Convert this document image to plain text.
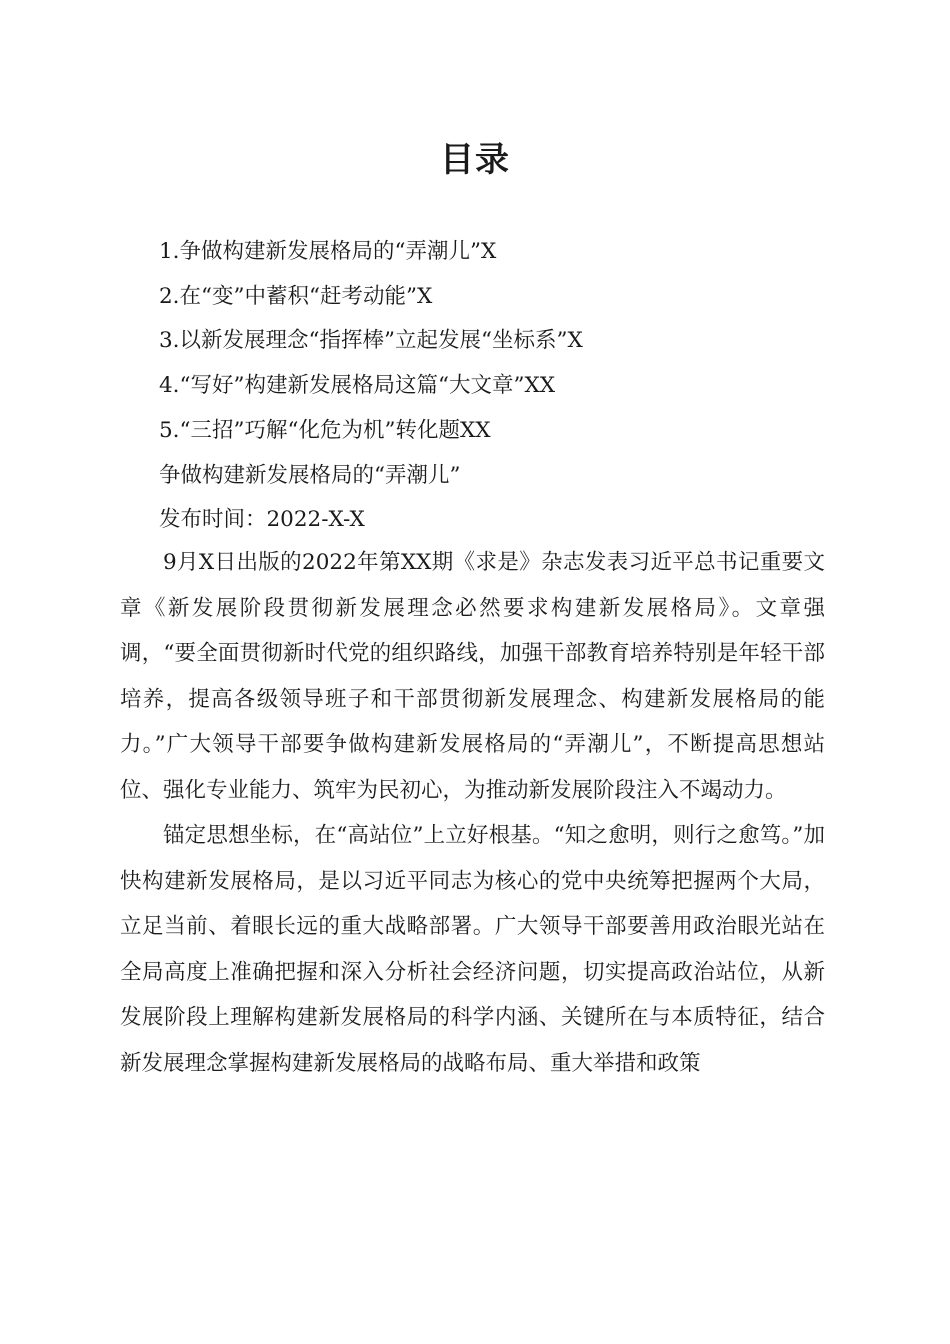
目录
1.争做构建新发展格局的“弄潮儿”X
2.在“变”中蓄积“赶考动能”X
3.以新发展理念“指挥棒”立起发展“坐标系”X
4.“写好”构建新发展格局这篇“大文章”XX
5.“三招”巧解“化危为机”转化题XX
争做构建新发展格局的“弄潮儿”
发布时间：2022-X-X

9月X日出版的2022年第XX期《求是》杂志发表习近平总书记重要文章《新发展阶段贯彻新发展理念必然要求构建新发展格局》。文章强调，“要全面贯彻新时代党的组织路线，加强干部教育培养特别是年轻干部培养，提高各级领导班子和干部贯彻新发展理念、构建新发展格局的能力。”广大领导干部要争做构建新发展格局的“弄潮儿”，不断提高思想站位、强化专业能力、筑牢为民初心，为推动新发展阶段注入不竭动力。

锚定思想坐标，在“高站位”上立好根基。“知之愈明，则行之愈笃。”加快构建新发展格局，是以习近平同志为核心的党中央统筹把握两个大局，立足当前、着眼长远的重大战略部署。广大领导干部要善用政治眼光站在全局高度上准确把握和深入分析社会经济问题，切实提高政治站位，从新发展阶段上理解构建新发展格局的科学内涵、关键所在与本质特征，结合新发展理念掌握构建新发展格局的战略布局、重大举措和政策
